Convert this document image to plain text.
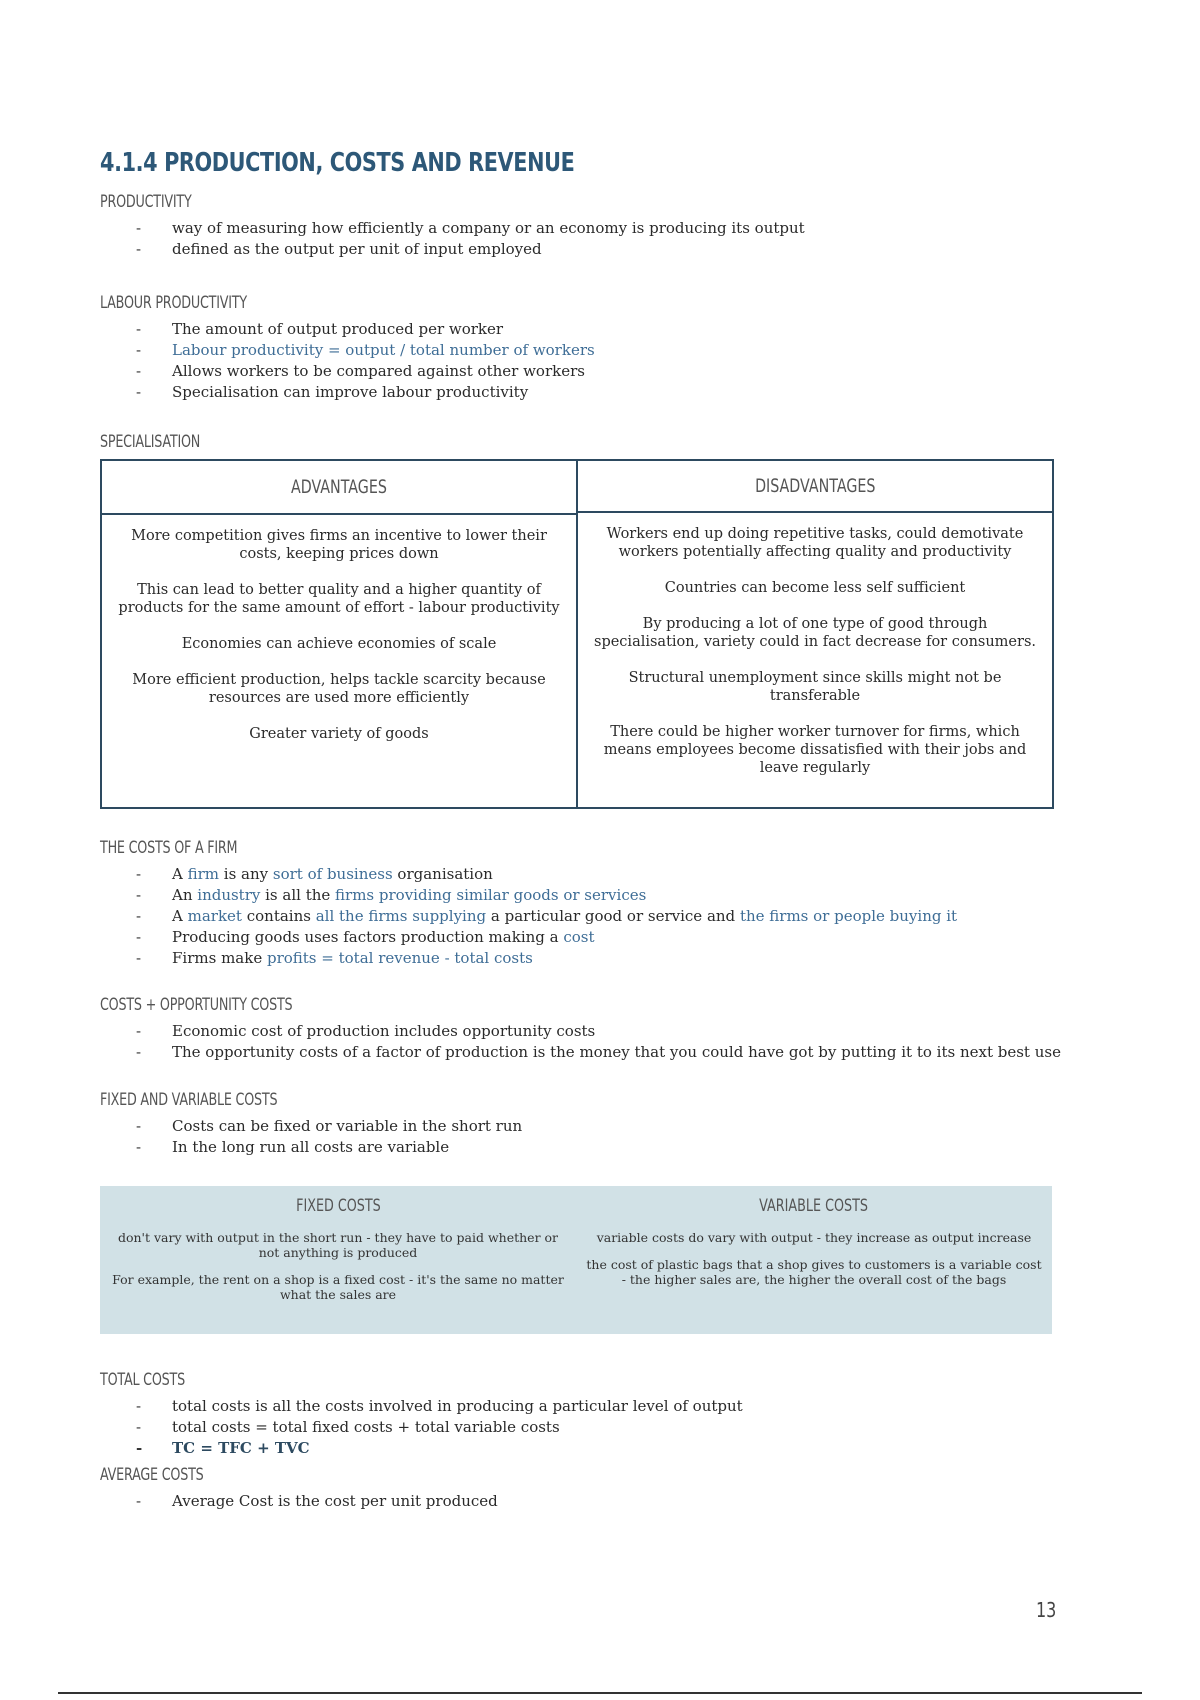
4.1.4 PRODUCTION, COSTS AND REVENUE
PRODUCTIVITY
- way of measuring how efficiently a company or an economy is producing its output
- defined as the output per unit of input employed
LABOUR PRODUCTIVITY
- The amount of output produced per worker
- Labour productivity = output / total number of workers
- Allows workers to be compared against other workers
- Specialisation can improve labour productivity
SPECIALISATION
ADVANTAGES

More competition gives firms an incentive to lower their costs, keeping prices down

This can lead to better quality and a higher quantity of products for the same amount of effort - labour productivity

Economies can achieve economies of scale

More efficient production, helps tackle scarcity because resources are used more efficiently

Greater variety of goods

DISADVANTAGES

Workers end up doing repetitive tasks, could demotivate workers potentially affecting quality and productivity

Countries can become less self sufficient

By producing a lot of one type of good through specialisation, variety could in fact decrease for consumers.

Structural unemployment since skills might not be transferable

There could be higher worker turnover for firms, which means employees become dissatisfied with their jobs and leave regularly

THE COSTS OF A FIRM
- A firm is any sort of business organisation
- An industry is all the firms providing similar goods or services
- A market contains all the firms supplying a particular good or service and the firms or people buying it
- Producing goods uses factors production making a cost
- Firms make profits = total revenue - total costs
COSTS + OPPORTUNITY COSTS
- Economic cost of production includes opportunity costs
- The opportunity costs of a factor of production is the money that you could have got by putting it to its next best use
FIXED AND VARIABLE COSTS
- Costs can be fixed or variable in the short run
- In the long run all costs are variable
FIXED COSTS

don't vary with output in the short run - they have to paid whether or not anything is produced

For example, the rent on a shop is a fixed cost - it's the same no matter what the sales are

VARIABLE COSTS

variable costs do vary with output - they increase as output increase

the cost of plastic bags that a shop gives to customers is a variable cost - the higher sales are, the higher the overall cost of the bags

TOTAL COSTS
- total costs is all the costs involved in producing a particular level of output
- total costs = total fixed costs + total variable costs
- TC = TFC + TVC
AVERAGE COSTS
- Average Cost is the cost per unit produced
13
